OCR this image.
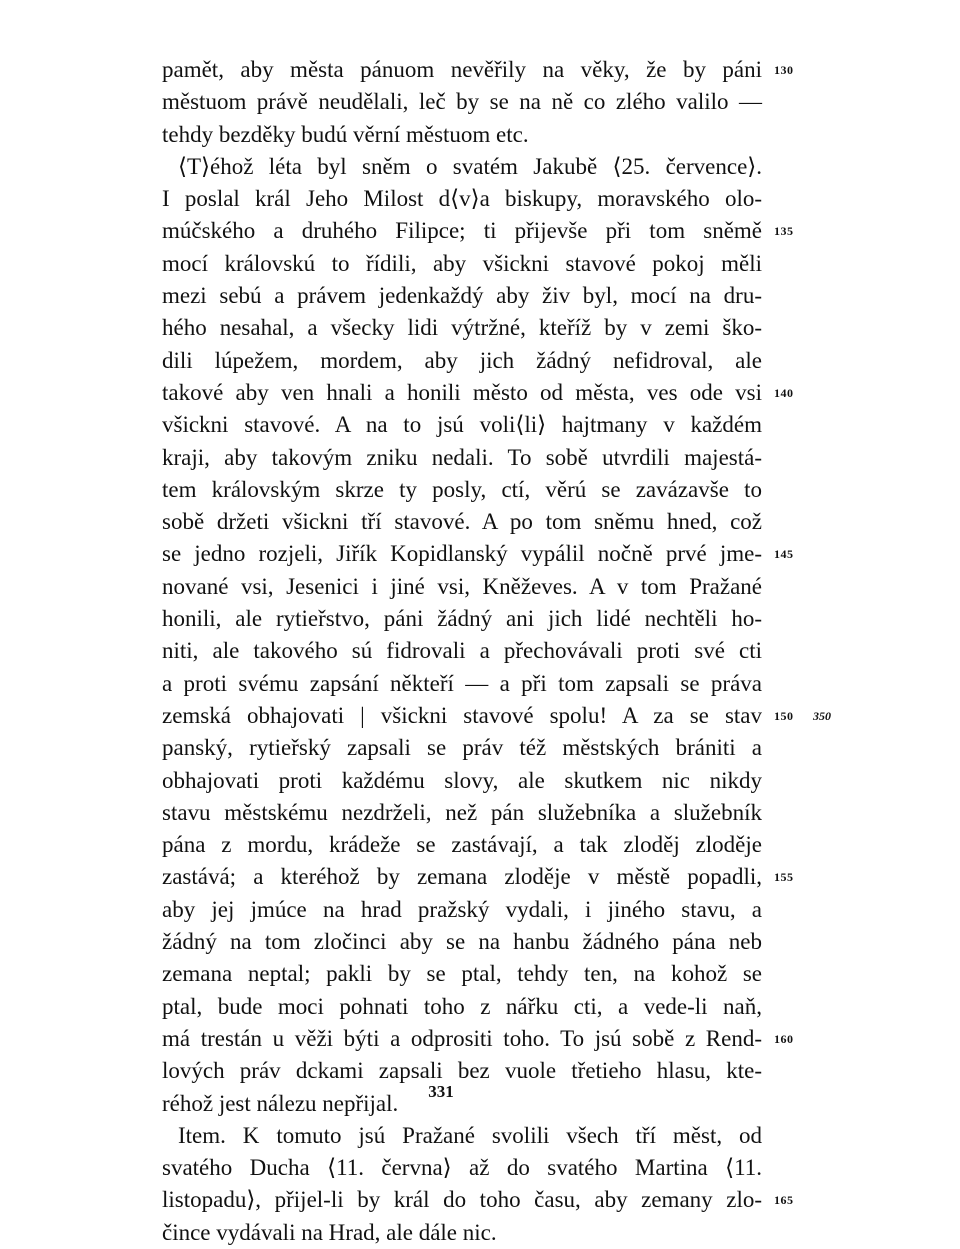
pamět, aby města pánuom nevěřily na věky, že by páni 130
městuom právě neudělali, leč by se na ně co zlého valilo —
tehdy bezděky budú věrní městuom etc.
⟨T⟩éhož léta byl sněm o svatém Jakubě ⟨25. července⟩.
I poslal král Jeho Milost d⟨v⟩a biskupy, moravského olo-
múčského a druhého Filipce; ti přijevše při tom sněmě 135
mocí královskú to řídili, aby všickni stavové pokoj měli
mezi sebú a právem jedenkaždý aby živ byl, mocí na dru-
hého nesahal, a všecky lidi výtržné, kteříž by v zemi ško-
dili lúpežem, mordem, aby jich žádný nefidroval, ale
takové aby ven hnali a honili město od města, ves ode vsi 140
všickni stavové. A na to jsú voli⟨li⟩ hajtmany v každém
kraji, aby takovým zniku nedali. To sobě utvrdili majestá-
tem královským skrze ty posly, ctí, věrú se zavázavše to
sobě držeti všickni tří stavové. A po tom sněmu hned, což
se jedno rozjeli, Jiřík Kopidlanský vypálil nočně prvé jme- 145
nované vsi, Jesenici i jiné vsi, Kněževes. A v tom Pražané
honili, ale rytieřstvo, páni žádný ani jich lidé nechtěli ho-
niti, ale takového sú fidrovali a přechovávali proti své cti
a proti svému zapsání někteří — a při tom zapsali se práva
zemská obhajovati | všickni stavové spolu! A za se stav 150 350
panský, rytieřský zapsali se práv též městských brániti a
obhajovati proti každému slovy, ale skutkem nic nikdy
stavu městskému nezdrželi, než pán služebníka a služebník
pána z mordu, krádeže se zastávají, a tak zloděj zloděje
zastává; a kteréhož by zemana zloděje v městě popadli, 155
aby jej jmúce na hrad pražský vydali, i jiného stavu, a
žádný na tom zločinci aby se na hanbu žádného pána neb
zemana neptal; pakli by se ptal, tehdy ten, na kohož se
ptal, bude moci pohnati toho z nářku cti, a vede-li naň,
má trestán u věži býti a odprositi toho. To jsú sobě z Rend- 160
lových práv dckami zapsali bez vuole třetieho hlasu, kte-
réhož jest nálezu nepřijal.
Item. K tomuto jsú Pražané svolili všech tří měst, od
svatého Ducha ⟨11. června⟩ až do svatého Martina ⟨11.
listopadu⟩, přijel-li by král do toho času, aby zemany zlo- 165
čince vydávali na Hrad, ale dále nic.
331
